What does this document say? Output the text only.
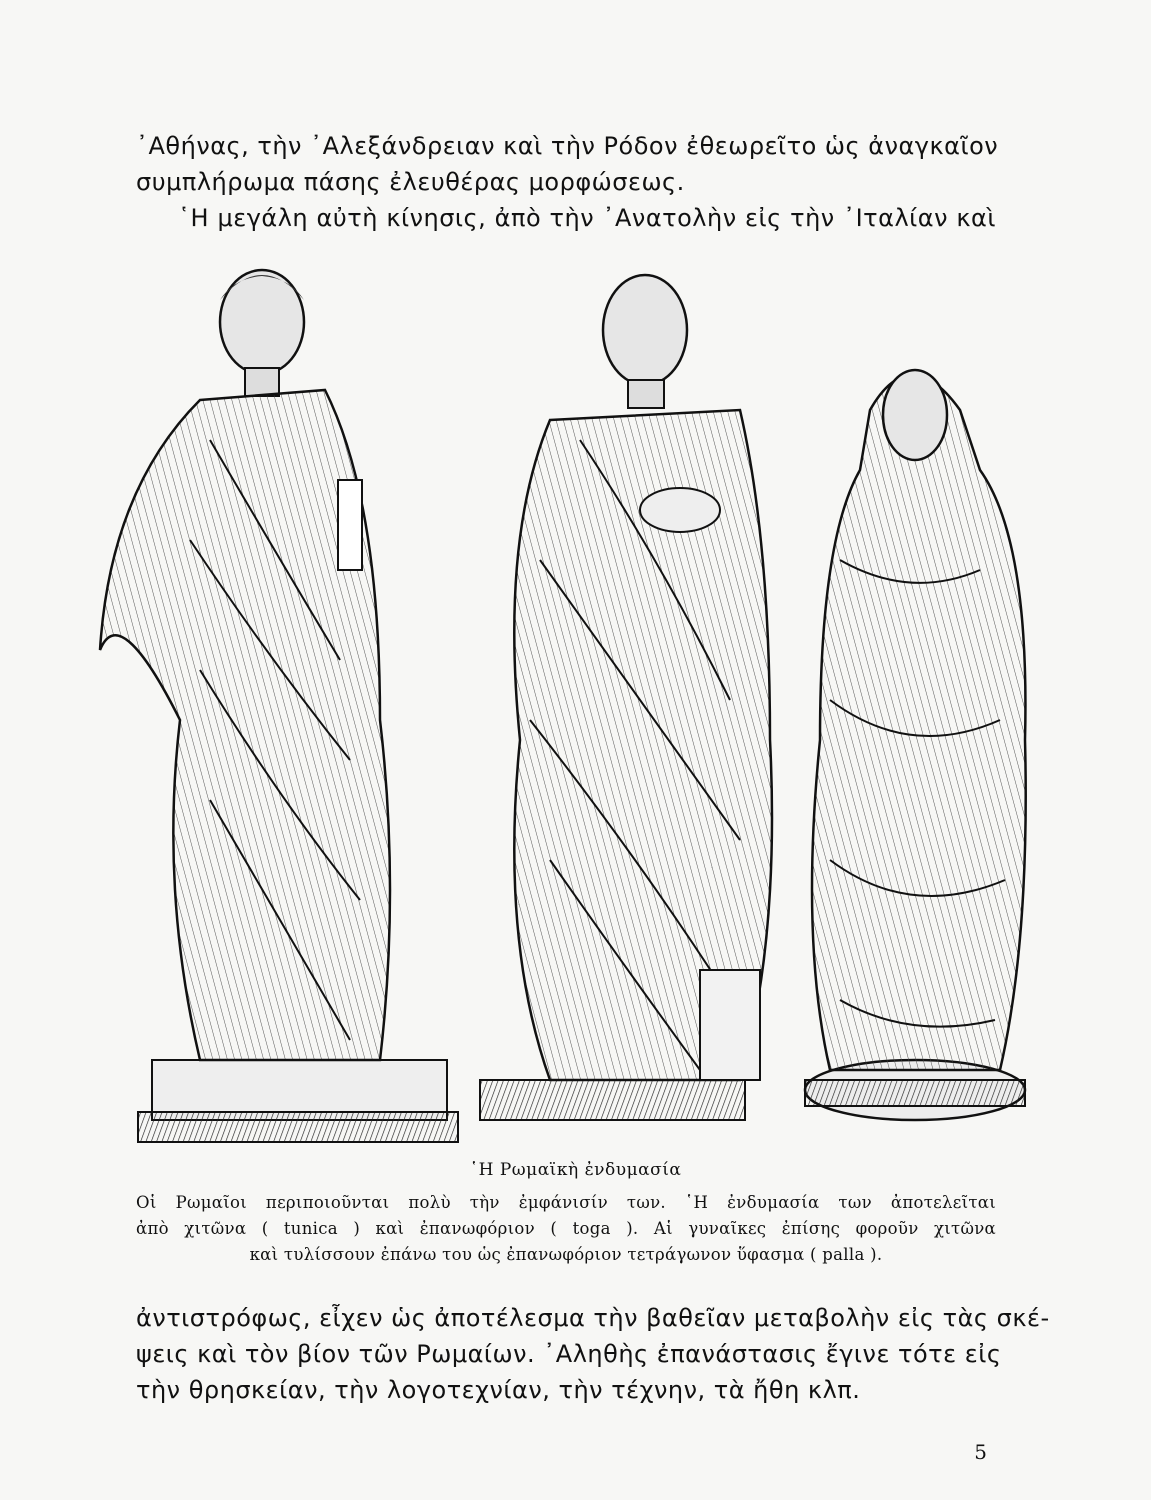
᾿Αθήνας, τὴν ᾿Αλεξάνδρειαν καὶ τὴν Ρόδον ἐθεωρεῖτο ὡς ἀναγκαῖον
συμπλήρωμα πάσης ἐλευθέρας μορφώσεως.
῾Η μεγάλη αὐτὴ κίνησις, ἀπὸ τὴν ᾿Ανατολὴν εἰς τὴν ᾿Ιταλίαν καὶ

῾Η Ρωμαϊκὴ ἐνδυμασία
Οἱ Ρωμαῖοι περιποιοῦνται πολὺ τὴν ἐμφάνισίν των. ῾Η ἐνδυμασία των ἀποτελεῖται
ἀπὸ χιτῶνα ( tunica ) καὶ ἐπανωφόριον ( toga ). Αἱ γυναῖκες ἐπίσης φοροῦν χιτῶνα
καὶ τυλίσσουν ἐπάνω του ὡς ἐπανωφόριον τετράγωνον ὕφασμα ( palla ).

ἀντιστρόφως, εἶχεν ὡς ἀποτέλεσμα τὴν βαθεῖαν μεταβολὴν εἰς τὰς σκέ-
ψεις καὶ τὸν βίον τῶν Ρωμαίων. ᾿Αληθὴς ἐπανάστασις ἔγινε τότε εἰς
τὴν θρησκείαν, τὴν λογοτεχνίαν, τὴν τέχνην, τὰ ἤθη κλπ.

5
